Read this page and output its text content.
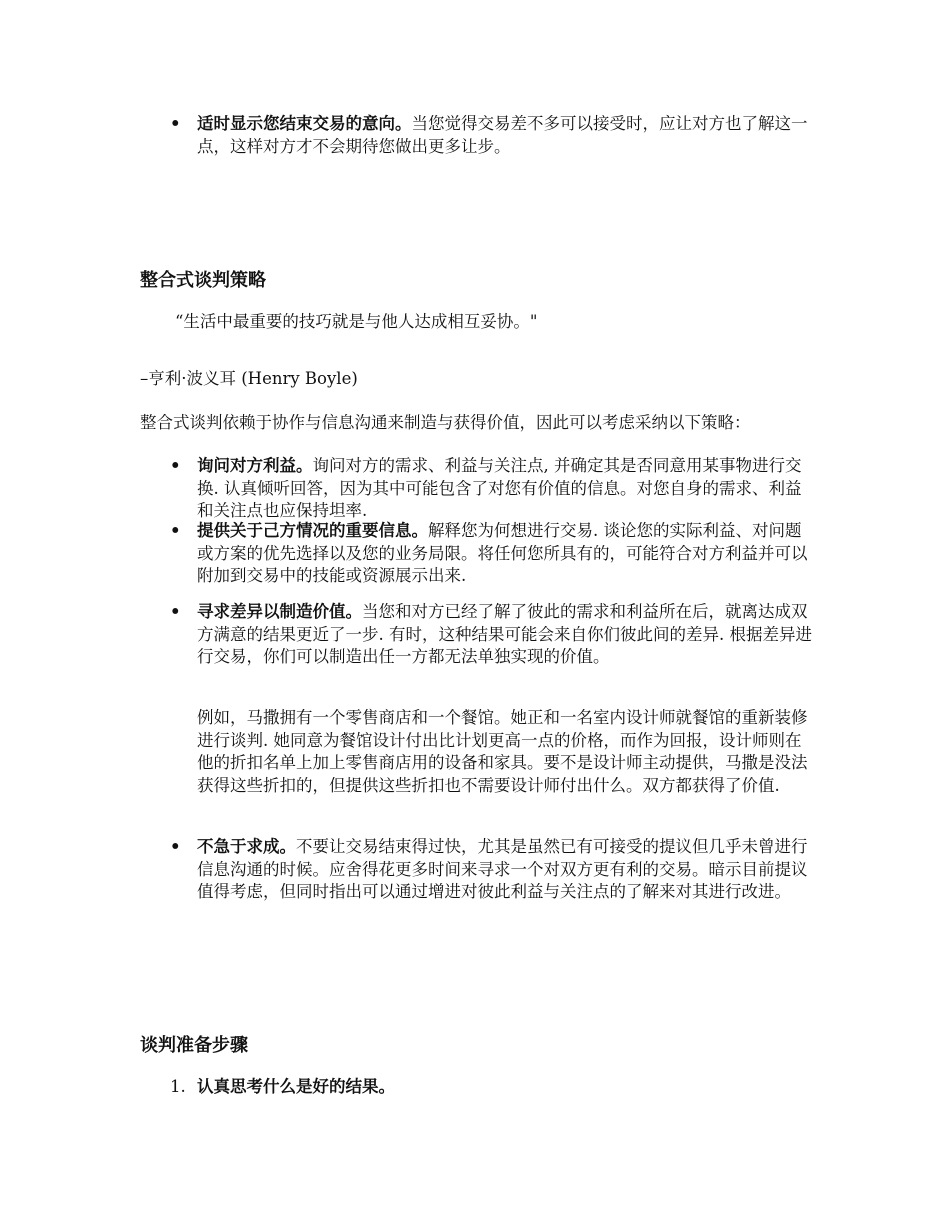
• 适时显示您结束交易的意向。当您觉得交易差不多可以接受时，应让对方也了解这一点，这样对方才不会期待您做出更多让步。
整合式谈判策略
“生活中最重要的技巧就是与他人达成相互妥协。"
–亨利·波义耳 (Henry Boyle)
整合式谈判依赖于协作与信息沟通来制造与获得价值，因此可以考虑采纳以下策略：
• 询问对方利益。询问对方的需求、利益与关注点, 并确定其是否同意用某事物进行交换. 认真倾听回答，因为其中可能包含了对您有价值的信息。对您自身的需求、利益和关注点也应保持坦率.
• 提供关于己方情况的重要信息。解释您为何想进行交易. 谈论您的实际利益、对问题或方案的优先选择以及您的业务局限。将任何您所具有的，可能符合对方利益并可以附加到交易中的技能或资源展示出来.
• 寻求差异以制造价值。当您和对方已经了解了彼此的需求和利益所在后，就离达成双方满意的结果更近了一步. 有时，这种结果可能会来自你们彼此间的差异. 根据差异进行交易，你们可以制造出任一方都无法单独实现的价值。
例如，马撒拥有一个零售商店和一个餐馆。她正和一名室内设计师就餐馆的重新装修进行谈判. 她同意为餐馆设计付出比计划更高一点的价格，而作为回报，设计师则在他的折扣名单上加上零售商店用的设备和家具。要不是设计师主动提供，马撒是没法获得这些折扣的，但提供这些折扣也不需要设计师付出什么。双方都获得了价值.
• 不急于求成。不要让交易结束得过快，尤其是虽然已有可接受的提议但几乎未曾进行信息沟通的时候。应舍得花更多时间来寻求一个对双方更有利的交易。暗示目前提议值得考虑，但同时指出可以通过增进对彼此利益与关注点的了解来对其进行改进。
谈判准备步骤
1. 认真思考什么是好的结果。
